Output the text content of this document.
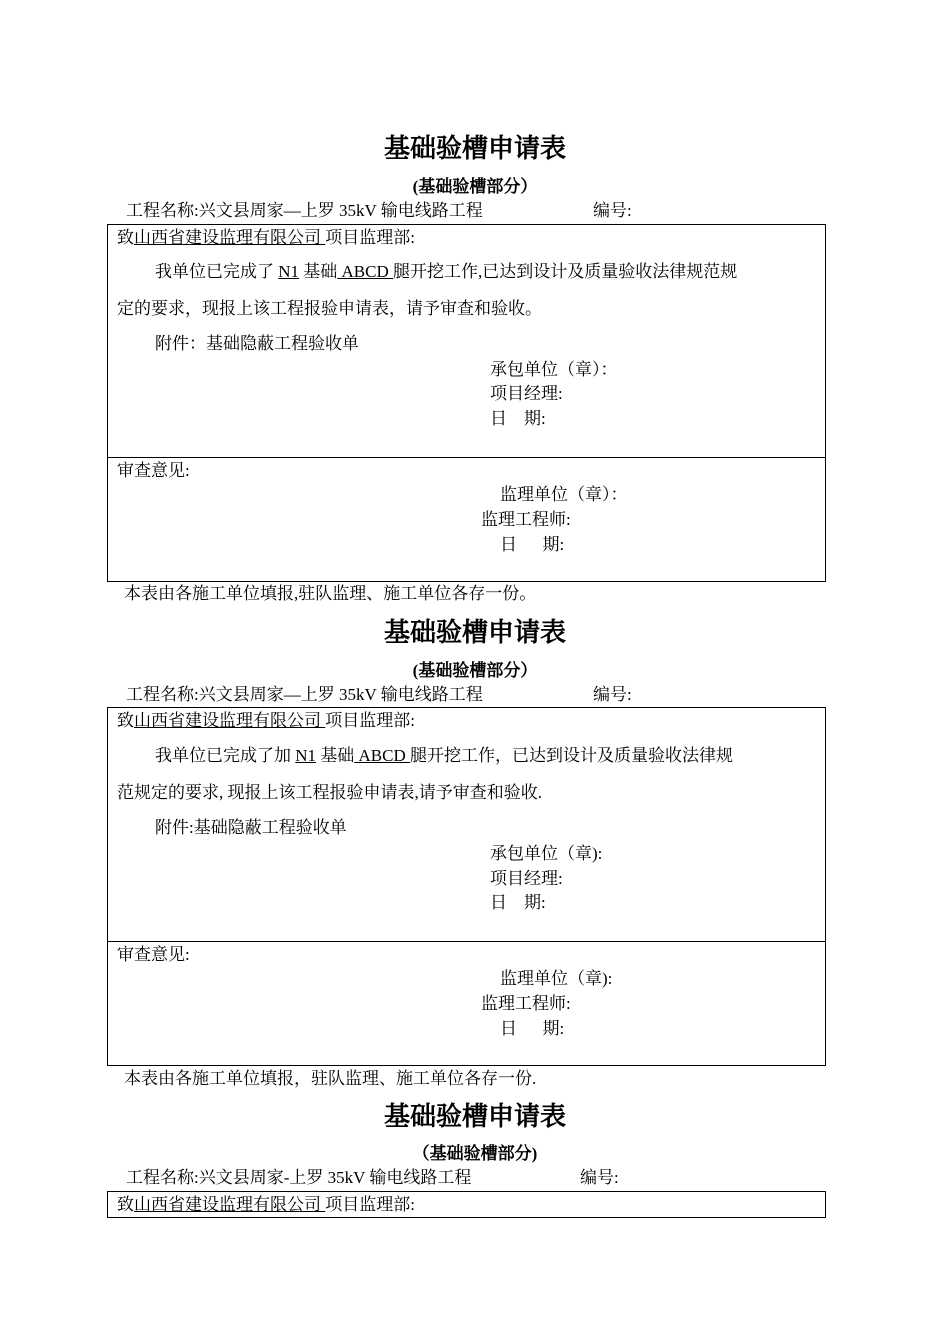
基础验槽申请表
(基础验槽部分）
工程名称:兴文县周家—上罗 35kV 输电线路工程	编号:
致山西省建设监理有限公司 项目监理部:
我单位已完成了 N1 基础 ABCD 腿开挖工作,已达到设计及质量验收法律规范规
定的要求，现报上该工程报验申请表，请予审查和验收。
附件：基础隐蔽工程验收单
承包单位（章）：
项目经理:
日    期:
审查意见:
监理单位（章）：
监理工程师:
日      期:
本表由各施工单位填报,驻队监理、施工单位各存一份。
基础验槽申请表
(基础验槽部分）
工程名称:兴文县周家—上罗 35kV 输电线路工程	编号:
致山西省建设监理有限公司 项目监理部:
我单位已完成了加 N1 基础 ABCD 腿开挖工作，已达到设计及质量验收法律规
范规定的要求, 现报上该工程报验申请表,请予审查和验收.
附件:基础隐蔽工程验收单
承包单位（章):
项目经理:
日    期:
审查意见:
监理单位（章):
监理工程师:
日      期:
本表由各施工单位填报，驻队监理、施工单位各存一份.
基础验槽申请表
（基础验槽部分)
工程名称:兴文县周家-上罗 35kV 输电线路工程	编号:
致山西省建设监理有限公司 项目监理部:
